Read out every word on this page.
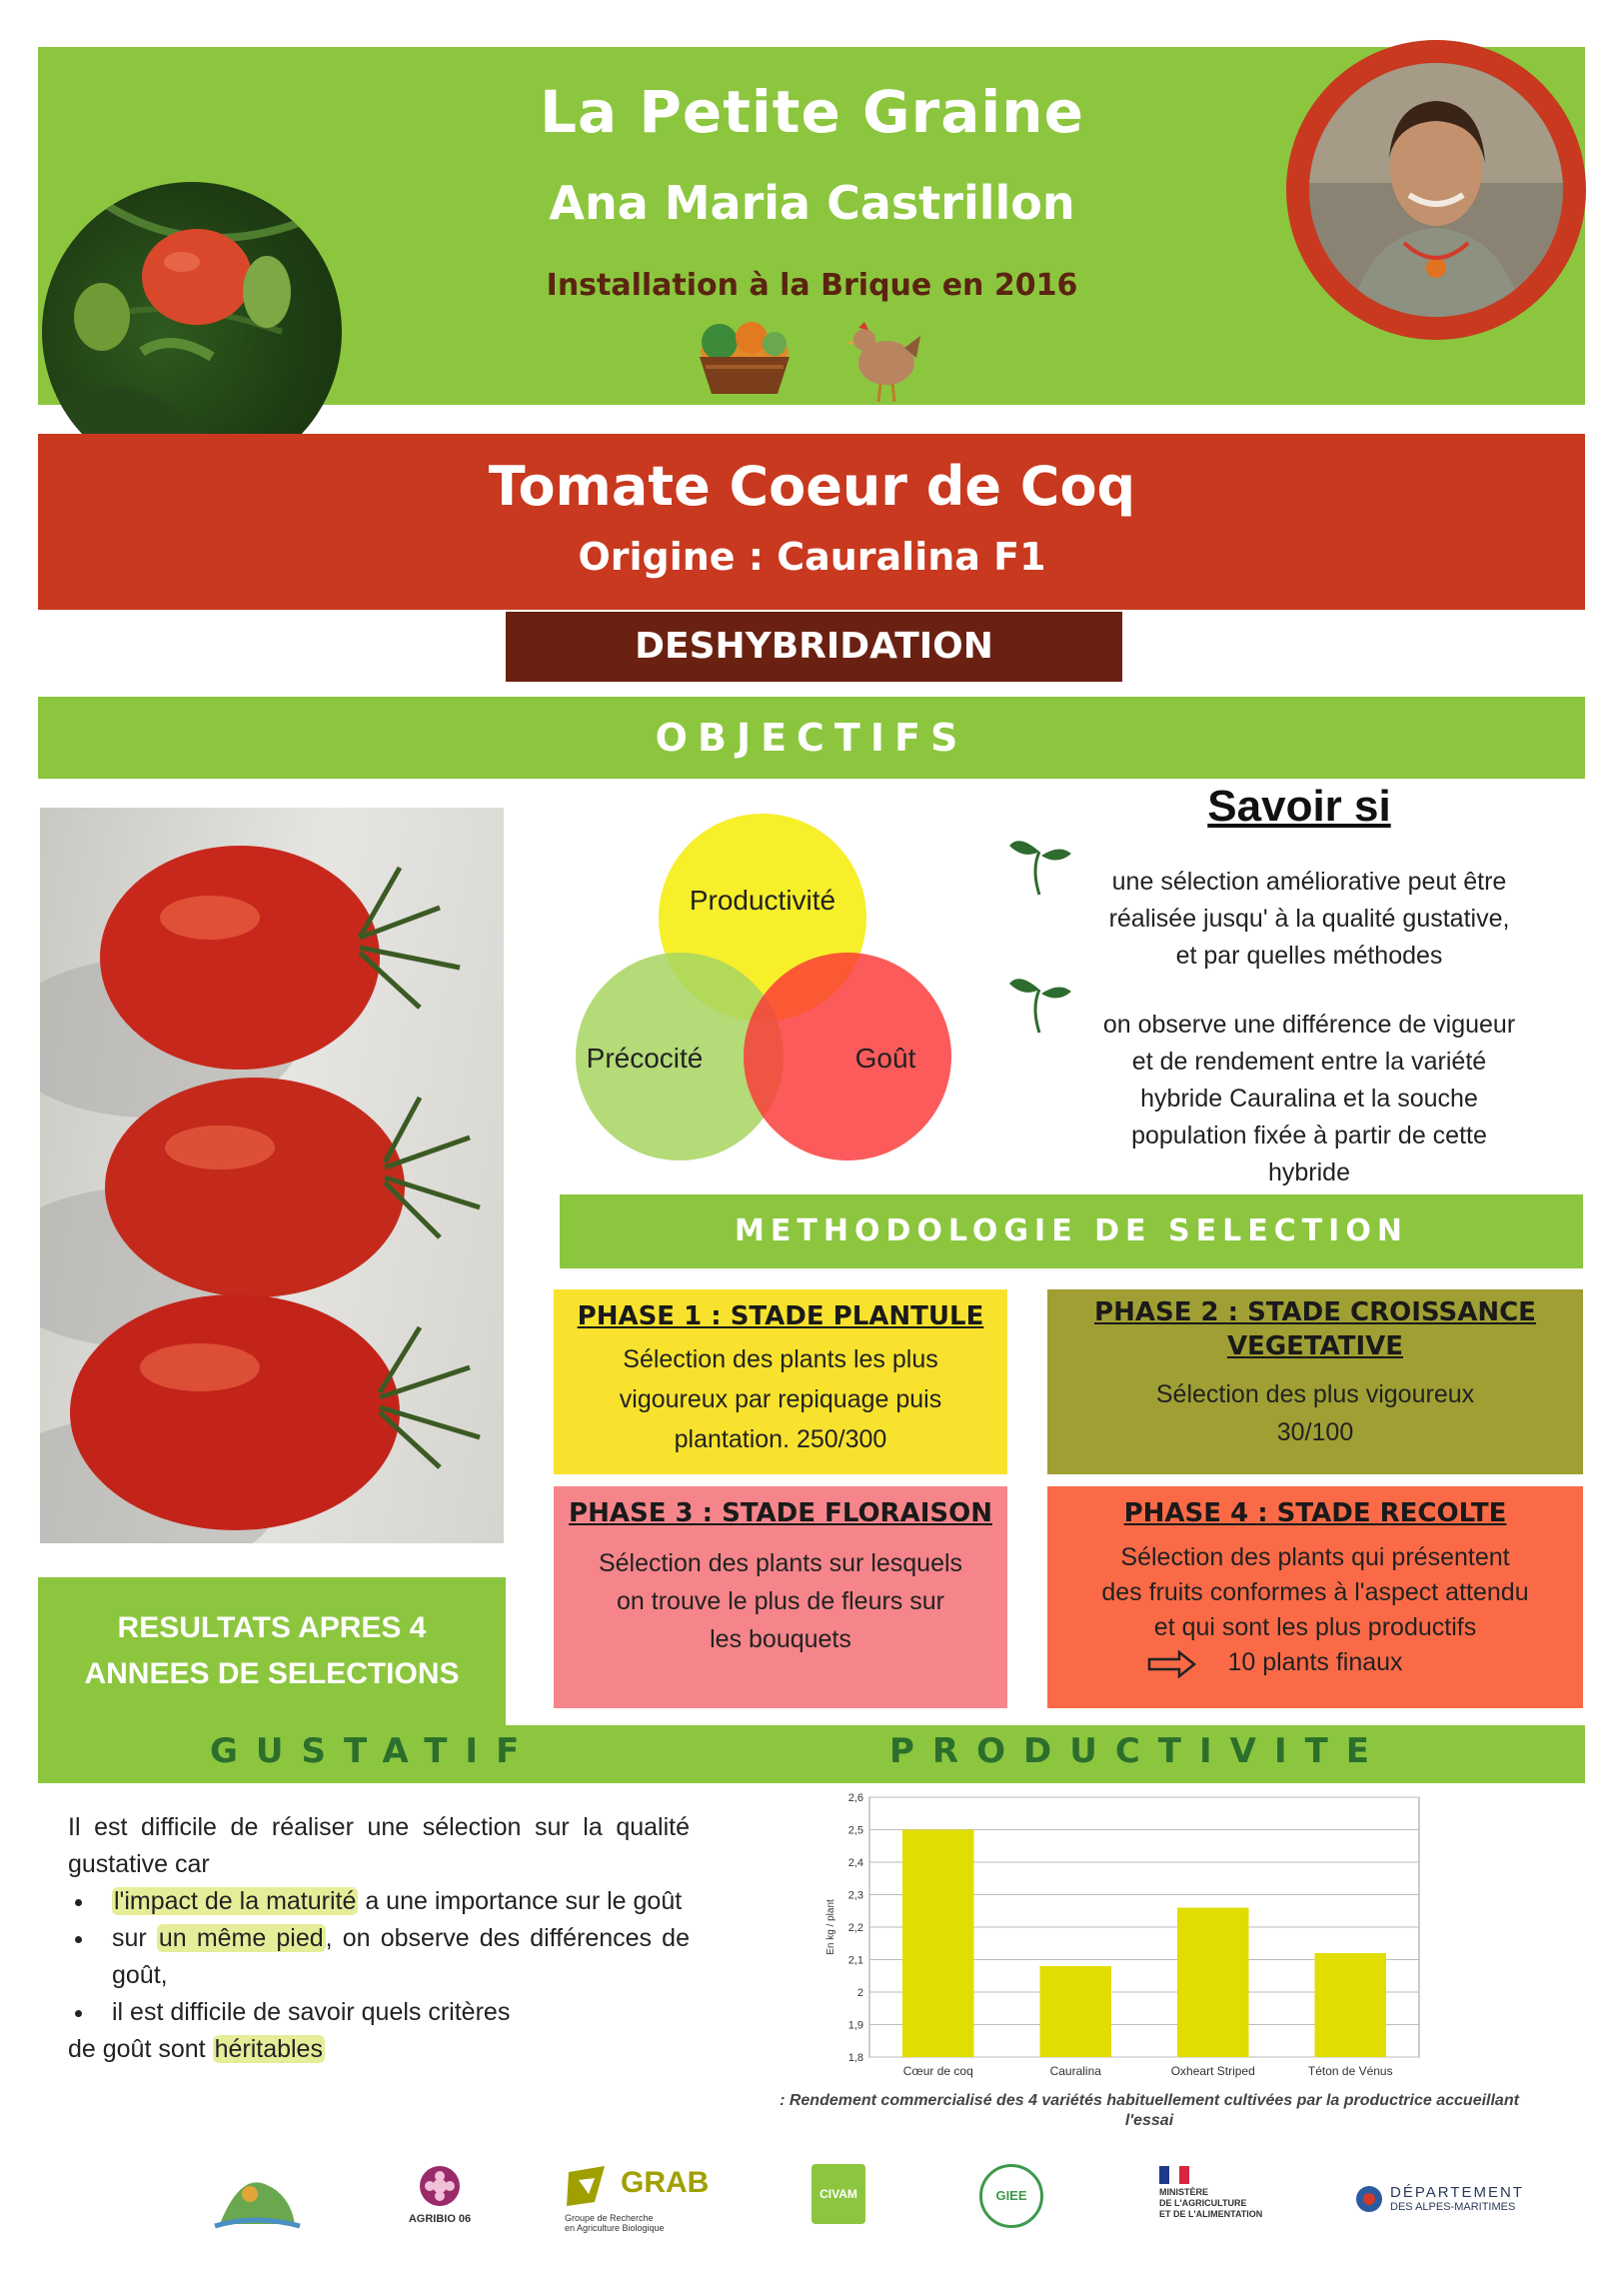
La Petite Graine
Ana Maria Castrillon
Installation à la Brique en 2016
Tomate Coeur de Coq
Origine : Cauralina F1
DESHYBRIDATION
OBJECTIFS
Productivité
Précocité	Goût
Savoir si
une sélection améliorative peut être
réalisée jusqu' à la qualité gustative,
et par quelles méthodes
on observe une différence de vigueur
et de rendement entre la variété
hybride Cauralina et la souche
population fixée à partir de cette
hybride
METHODOLOGIE DE SELECTION
PHASE 1 : STADE PLANTULE
Sélection des plants les plus
vigoureux par repiquage puis
plantation. 250/300
PHASE 2 : STADE CROISSANCE
VEGETATIVE
Sélection des plus vigoureux
30/100
PHASE 3 : STADE FLORAISON
Sélection des plants sur lesquels
on trouve le plus de fleurs sur
les bouquets
PHASE 4 : STADE RECOLTE
Sélection des plants qui présentent
des fruits conformes à l'aspect attendu
et qui sont les plus productifs
10 plants finaux
RESULTATS APRES 4
ANNEES DE SELECTIONS
GUSTATIF	PRODUCTIVITE

Il est difficile de réaliser une sélection sur la qualité gustative car

• l'impact de la maturité a une importance sur le goût
• sur un même pied, on observe des différences de goût,
• il est difficile de savoir quels critères

de goût sont héritables	1,8
1,9
2
2,1
2,2
2,3
2,4
2,5
2,6
En kg / plant
Cœur de coq	Cauralina	Oxheart Striped	Téton de Vénus
: Rendement commercialisé des 4 variétés habituellement cultivées par la productrice accueillant
l'essai
AGRIBIO 06
GRAB
Groupe de Recherche
en Agriculture Biologique
CIVAM	GIEE	MINISTÈRE
DE L'AGRICULTURE
ET DE L'ALIMENTATION
DÉPARTEMENT
DES ALPES-MARITIMES
